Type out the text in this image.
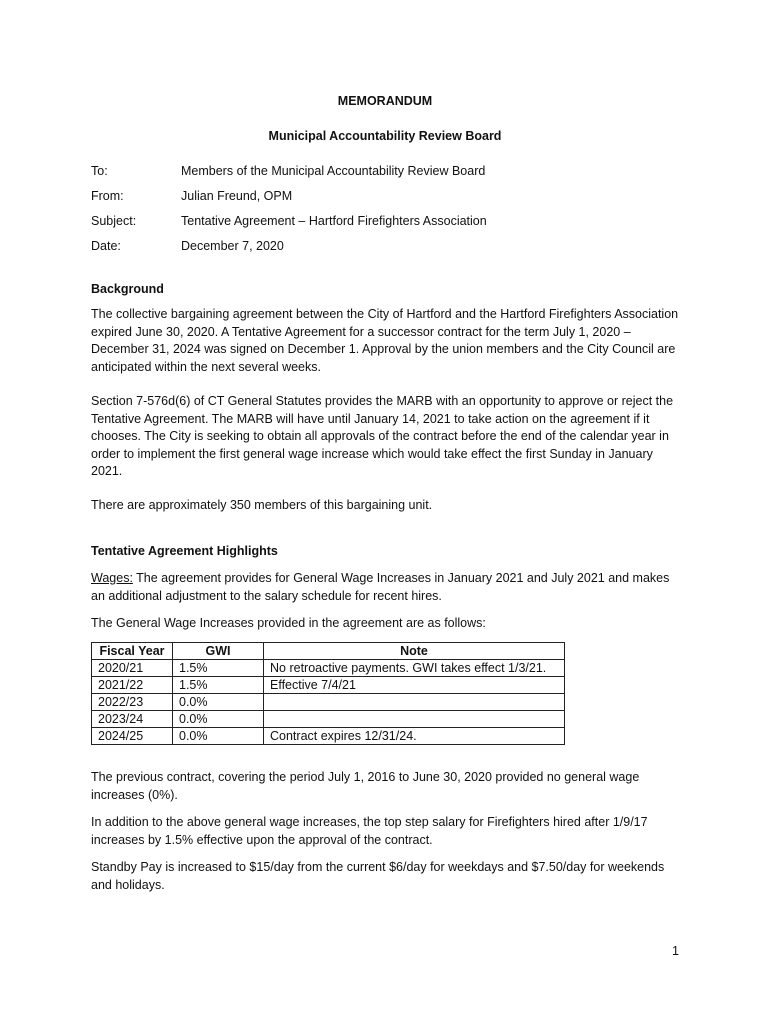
MEMORANDUM
Municipal Accountability Review Board
To:	Members of the Municipal Accountability Review Board
From:	Julian Freund, OPM
Subject:	Tentative Agreement – Hartford Firefighters Association
Date:	December 7, 2020
Background

The collective bargaining agreement between the City of Hartford and the Hartford Firefighters Association expired June 30, 2020. A Tentative Agreement for a successor contract for the term July 1, 2020 – December 31, 2024 was signed on December 1. Approval by the union members and the City Council are anticipated within the next several weeks.

Section 7-576d(6) of CT General Statutes provides the MARB with an opportunity to approve or reject the Tentative Agreement. The MARB will have until January 14, 2021 to take action on the agreement if it chooses. The City is seeking to obtain all approvals of the contract before the end of the calendar year in order to implement the first general wage increase which would take effect the first Sunday in January 2021.

There are approximately 350 members of this bargaining unit.

Tentative Agreement Highlights

Wages: The agreement provides for General Wage Increases in January 2021 and July 2021 and makes an additional adjustment to the salary schedule for recent hires.

The General Wage Increases provided in the agreement are as follows:

Fiscal Year	GWI	Note
2020/21	1.5%	No retroactive payments. GWI takes effect 1/3/21.
2021/22	1.5%	Effective 7/4/21
2022/23	0.0%	
2023/24	0.0%	
2024/25	0.0%	Contract expires 12/31/24.

The previous contract, covering the period July 1, 2016 to June 30, 2020 provided no general wage increases (0%).

In addition to the above general wage increases, the top step salary for Firefighters hired after 1/9/17 increases by 1.5% effective upon the approval of the contract.

Standby Pay is increased to $15/day from the current $6/day for weekdays and $7.50/day for weekends and holidays.

1
